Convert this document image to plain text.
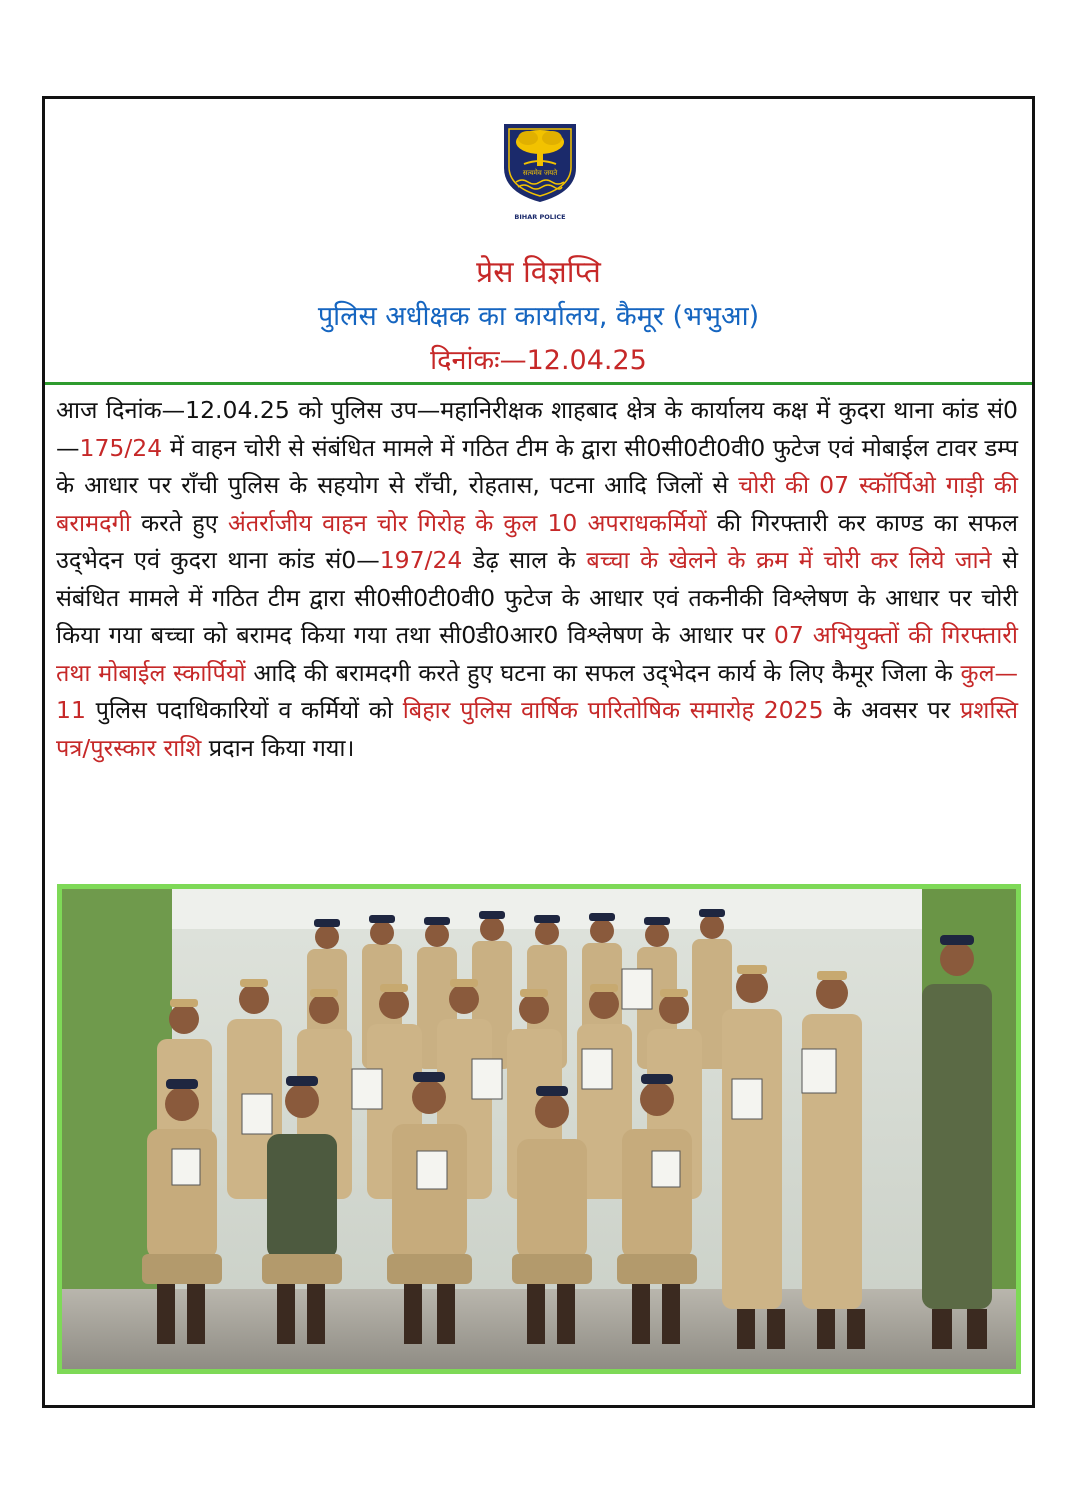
सत्यमेव जयते
BIHAR POLICE
प्रेस विज्ञप्ति
पुलिस अधीक्षक का कार्यालय, कैमूर (भभुआ)
दिनांकः—12.04.25
आज दिनांक—12.04.25 को पुलिस उप—महानिरीक्षक शाहबाद क्षेत्र के कार्यालय कक्ष में कुदरा थाना कांड सं0—175/24 में वाहन चोरी से संबंधित मामले में गठित टीम के द्वारा सी0सी0टी0वी0 फुटेज एवं मोबाईल टावर डम्प के आधार पर राँची पुलिस के सहयोग से राँची, रोहतास, पटना आदि जिलों से चोरी की 07 स्कॉर्पिओ गाड़ी की बरामदगी करते हुए अंतर्राजीय वाहन चोर गिरोह के कुल 10 अपराधकर्मियों की गिरफ्तारी कर काण्ड का सफल उद्‌भेदन एवं कुदरा थाना कांड सं0—197/24 डेढ़ साल के बच्चा के खेलने के क्रम में चोरी कर लिये जाने से संबंधित मामले में गठित टीम द्वारा सी0सी0टी0वी0 फुटेज के आधार एवं तकनीकी विश्लेषण के आधार पर चोरी किया गया बच्चा को बरामद किया गया तथा सी0डी0आर0 विश्लेषण के आधार पर 07 अभियुक्तों की गिरफ्तारी तथा मोबाईल स्कार्पियों आदि की बरामदगी करते हुए घटना का सफल उद्‌भेदन कार्य के लिए कैमूर जिला के कुल—11 पुलिस पदाधिकारियों व कर्मियों को बिहार पुलिस वार्षिक पारितोषिक समारोह 2025 के अवसर पर प्रशस्ति पत्र/पुरस्कार राशि प्रदान किया गया।
